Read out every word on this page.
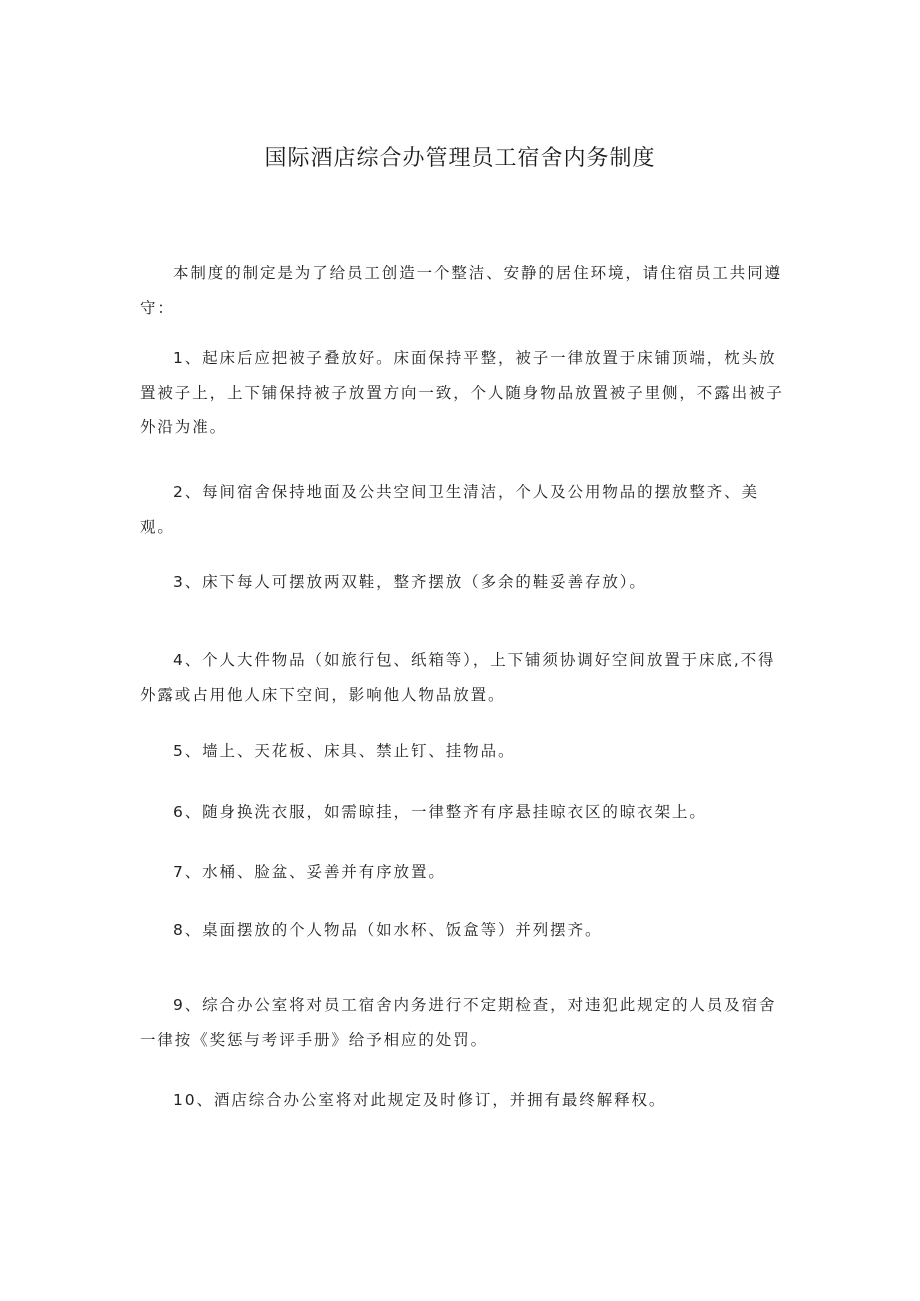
国际酒店综合办管理员工宿舍内务制度
本制度的制定是为了给员工创造一个整洁、安静的居住环境，请住宿员工共同遵守：
1、起床后应把被子叠放好。床面保持平整，被子一律放置于床铺顶端，枕头放置被子上，上下铺保持被子放置方向一致，个人随身物品放置被子里侧，不露出被子外沿为准。
2、每间宿舍保持地面及公共空间卫生清洁，个人及公用物品的摆放整齐、美观。
3、床下每人可摆放两双鞋，整齐摆放（多余的鞋妥善存放）。
4、个人大件物品（如旅行包、纸箱等），上下铺须协调好空间放置于床底,不得外露或占用他人床下空间，影响他人物品放置。
5、墙上、天花板、床具、禁止钉、挂物品。
6、随身换洗衣服，如需晾挂，一律整齐有序悬挂晾衣区的晾衣架上。
7、水桶、脸盆、妥善并有序放置。
8、桌面摆放的个人物品（如水杯、饭盒等）并列摆齐。
9、综合办公室将对员工宿舍内务进行不定期检查，对违犯此规定的人员及宿舍一律按《奖惩与考评手册》给予相应的处罚。
10、酒店综合办公室将对此规定及时修订，并拥有最终解释权。
